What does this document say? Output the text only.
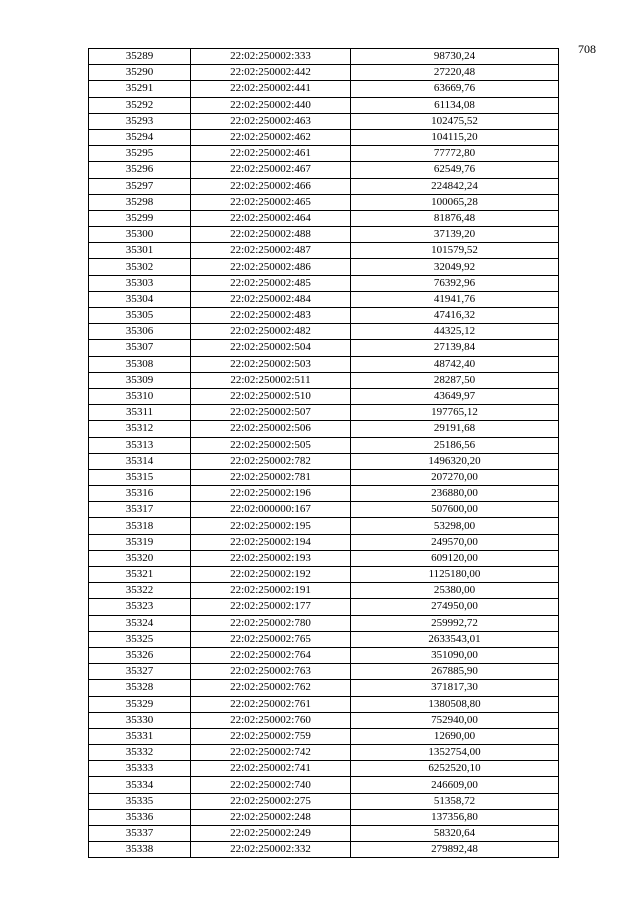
708
35289	22:02:250002:333	98730,24
35290	22:02:250002:442	27220,48
35291	22:02:250002:441	63669,76
35292	22:02:250002:440	61134,08
35293	22:02:250002:463	102475,52
35294	22:02:250002:462	104115,20
35295	22:02:250002:461	77772,80
35296	22:02:250002:467	62549,76
35297	22:02:250002:466	224842,24
35298	22:02:250002:465	100065,28
35299	22:02:250002:464	81876,48
35300	22:02:250002:488	37139,20
35301	22:02:250002:487	101579,52
35302	22:02:250002:486	32049,92
35303	22:02:250002:485	76392,96
35304	22:02:250002:484	41941,76
35305	22:02:250002:483	47416,32
35306	22:02:250002:482	44325,12
35307	22:02:250002:504	27139,84
35308	22:02:250002:503	48742,40
35309	22:02:250002:511	28287,50
35310	22:02:250002:510	43649,97
35311	22:02:250002:507	197765,12
35312	22:02:250002:506	29191,68
35313	22:02:250002:505	25186,56
35314	22:02:250002:782	1496320,20
35315	22:02:250002:781	207270,00
35316	22:02:250002:196	236880,00
35317	22:02:000000:167	507600,00
35318	22:02:250002:195	53298,00
35319	22:02:250002:194	249570,00
35320	22:02:250002:193	609120,00
35321	22:02:250002:192	1125180,00
35322	22:02:250002:191	25380,00
35323	22:02:250002:177	274950,00
35324	22:02:250002:780	259992,72
35325	22:02:250002:765	2633543,01
35326	22:02:250002:764	351090,00
35327	22:02:250002:763	267885,90
35328	22:02:250002:762	371817,30
35329	22:02:250002:761	1380508,80
35330	22:02:250002:760	752940,00
35331	22:02:250002:759	12690,00
35332	22:02:250002:742	1352754,00
35333	22:02:250002:741	6252520,10
35334	22:02:250002:740	246609,00
35335	22:02:250002:275	51358,72
35336	22:02:250002:248	137356,80
35337	22:02:250002:249	58320,64
35338	22:02:250002:332	279892,48
